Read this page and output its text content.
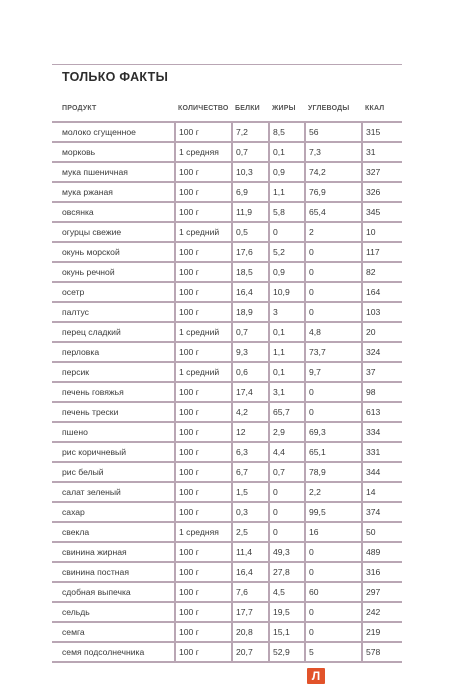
ТОЛЬКО ФАКТЫ
ПРОДУКТ	КОЛИЧЕСТВО	БЕЛКИ	ЖИРЫ	УГЛЕВОДЫ	ККАЛ
молоко сгущенное	100 г	7,2	8,5	56	315
морковь	1 средняя	0,7	0,1	7,3	31
мука пшеничная	100 г	10,3	0,9	74,2	327
мука ржаная	100 г	6,9	1,1	76,9	326
овсянка	100 г	11,9	5,8	65,4	345
огурцы свежие	1 средний	0,5	0	2	10
окунь морской	100 г	17,6	5,2	0	117
окунь речной	100 г	18,5	0,9	0	82
осетр	100 г	16,4	10,9	0	164
палтус	100 г	18,9	3	0	103
перец сладкий	1 средний	0,7	0,1	4,8	20
перловка	100 г	9,3	1,1	73,7	324
персик	1 средний	0,6	0,1	9,7	37
печень говяжья	100 г	17,4	3,1	0	98
печень трески	100 г	4,2	65,7	0	613
пшено	100 г	12	2,9	69,3	334
рис коричневый	100 г	6,3	4,4	65,1	331
рис белый	100 г	6,7	0,7	78,9	344
салат зеленый	100 г	1,5	0	2,2	14
сахар	100 г	0,3	0	99,5	374
свекла	1 средняя	2,5	0	16	50
свинина жирная	100 г	11,4	49,3	0	489
свинина постная	100 г	16,4	27,8	0	316
сдобная выпечка	100 г	7,6	4,5	60	297
сельдь	100 г	17,7	19,5	0	242
семга	100 г	20,8	15,1	0	219
семя подсолнечника	100 г	20,7	52,9	5	578
Л
